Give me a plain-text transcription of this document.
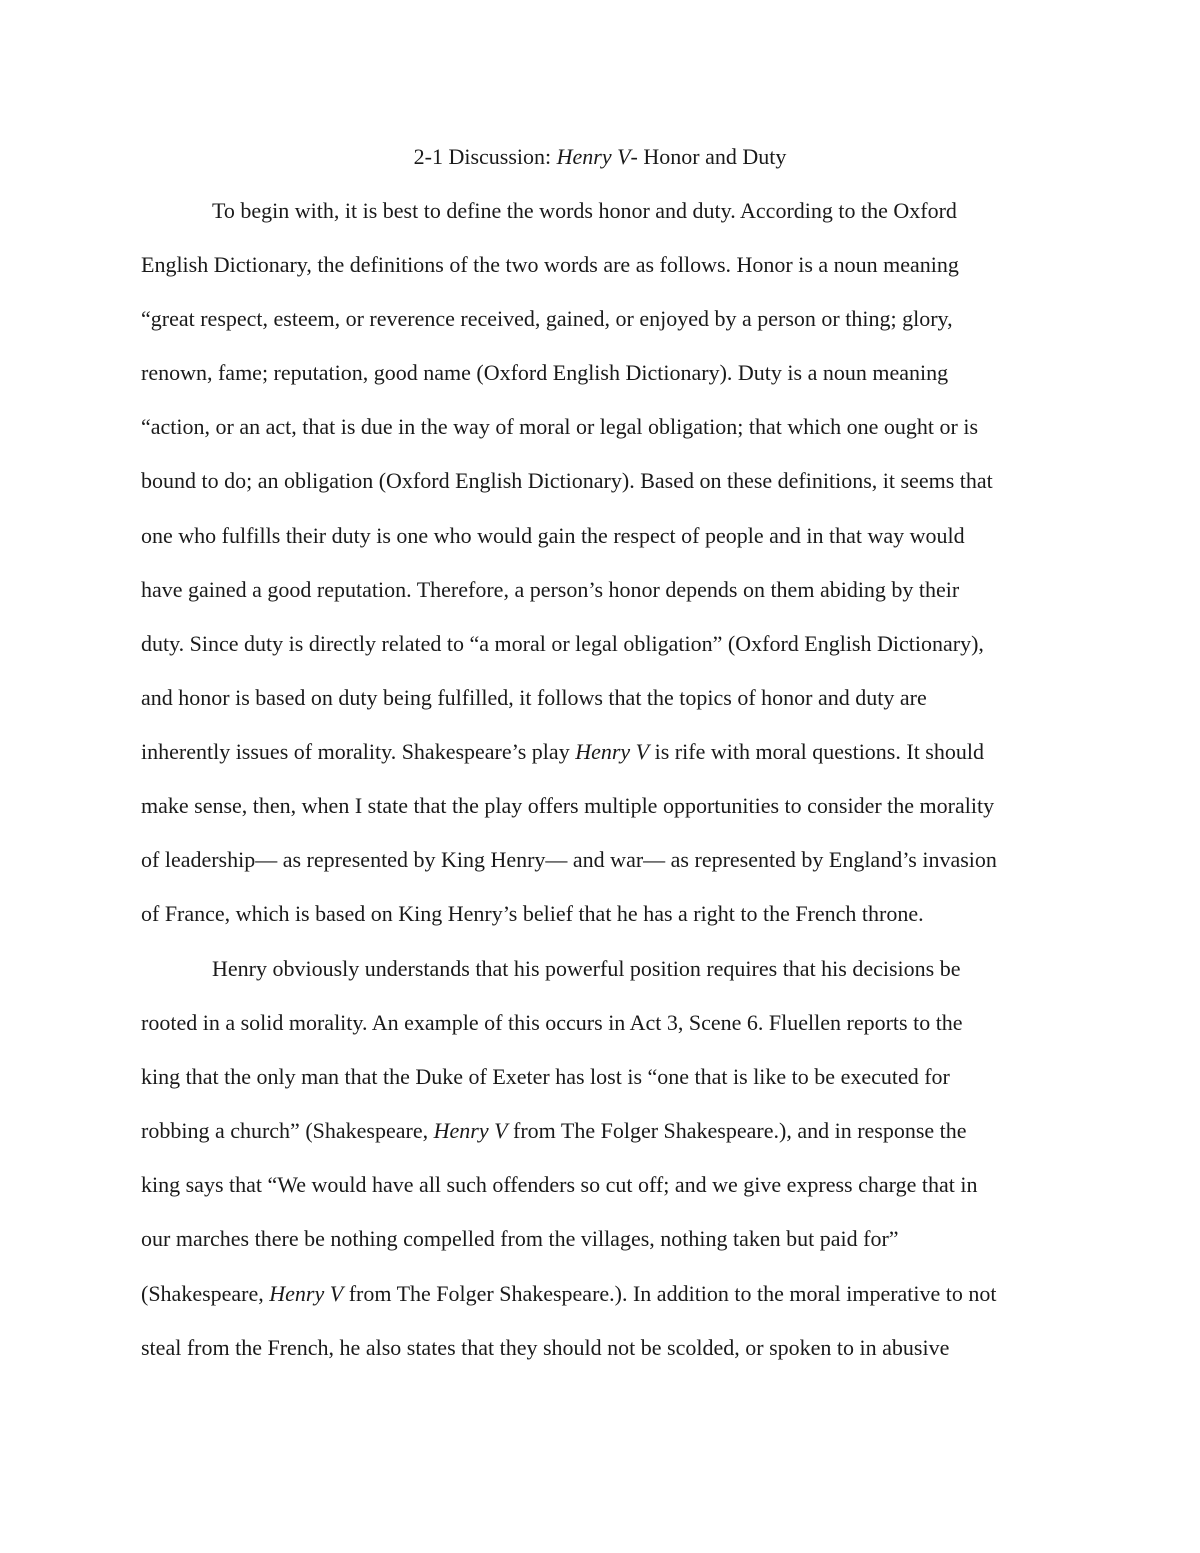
2-1 Discussion: Henry V- Honor and Duty
To begin with, it is best to define the words honor and duty. According to the Oxford
English Dictionary, the definitions of the two words are as follows. Honor is a noun meaning
“great respect, esteem, or reverence received, gained, or enjoyed by a person or thing; glory,
renown, fame; reputation, good name (Oxford English Dictionary). Duty is a noun meaning
“action, or an act, that is due in the way of moral or legal obligation; that which one ought or is
bound to do; an obligation (Oxford English Dictionary). Based on these definitions, it seems that
one who fulfills their duty is one who would gain the respect of people and in that way would
have gained a good reputation. Therefore, a person’s honor depends on them abiding by their
duty. Since duty is directly related to “a moral or legal obligation” (Oxford English Dictionary),
and honor is based on duty being fulfilled, it follows that the topics of honor and duty are
inherently issues of morality. Shakespeare’s play Henry V is rife with moral questions. It should
make sense, then, when I state that the play offers multiple opportunities to consider the morality
of leadership— as represented by King Henry— and war— as represented by England’s invasion
of France, which is based on King Henry’s belief that he has a right to the French throne.
Henry obviously understands that his powerful position requires that his decisions be
rooted in a solid morality. An example of this occurs in Act 3, Scene 6. Fluellen reports to the
king that the only man that the Duke of Exeter has lost is “one that is like to be executed for
robbing a church” (Shakespeare, Henry V from The Folger Shakespeare.), and in response the
king says that “We would have all such offenders so cut off; and we give express charge that in
our marches there be nothing compelled from the villages, nothing taken but paid for”
(Shakespeare, Henry V from The Folger Shakespeare.). In addition to the moral imperative to not
steal from the French, he also states that they should not be scolded, or spoken to in abusive
